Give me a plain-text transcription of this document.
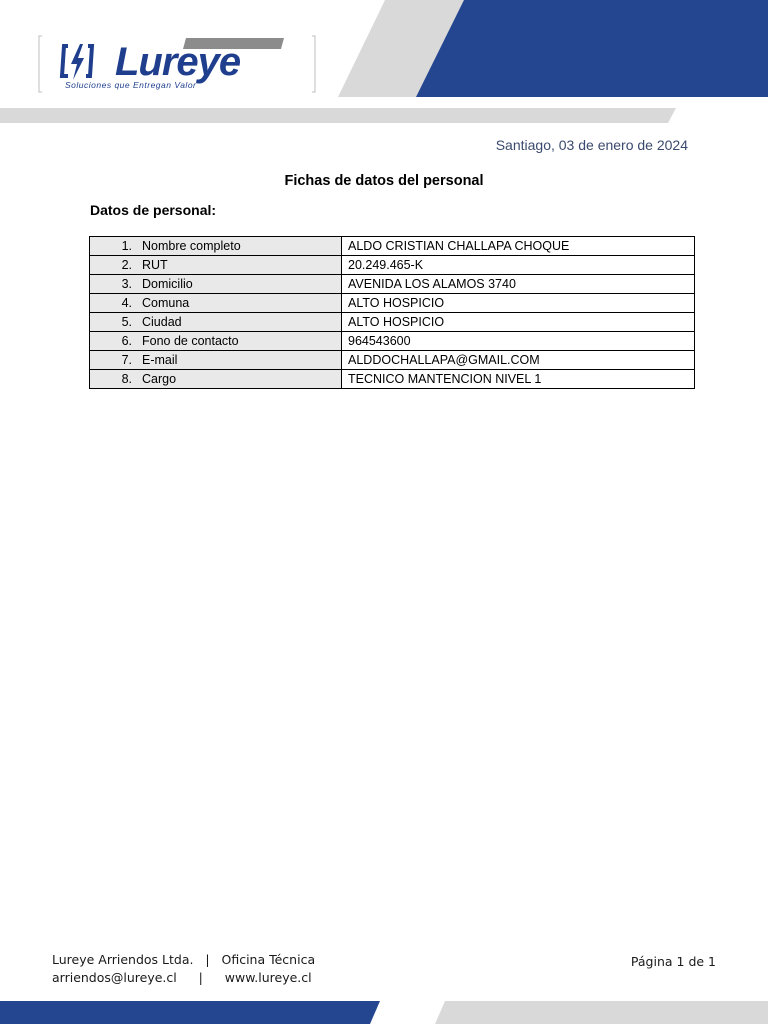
ARRIENDOS
Lureye
Soluciones que Entregan Valor
Santiago, 03 de enero de 2024
Fichas de datos del personal
Datos de personal:
1. Nombre completo	ALDO CRISTIAN CHALLAPA CHOQUE
2. RUT	20.249.465-K
3. Domicilio	AVENIDA LOS ALAMOS 3740
4. Comuna	ALTO HOSPICIO
5. Ciudad	ALTO HOSPICIO
6. Fono de contacto	964543600
7. E-mail	ALDDOCHALLAPA@GMAIL.COM
8. Cargo	TECNICO MANTENCION NIVEL 1
Lureye Arriendos Ltda. | Oficina Técnica
arriendos@lureye.cl | www.lureye.cl
Página 1 de 1
